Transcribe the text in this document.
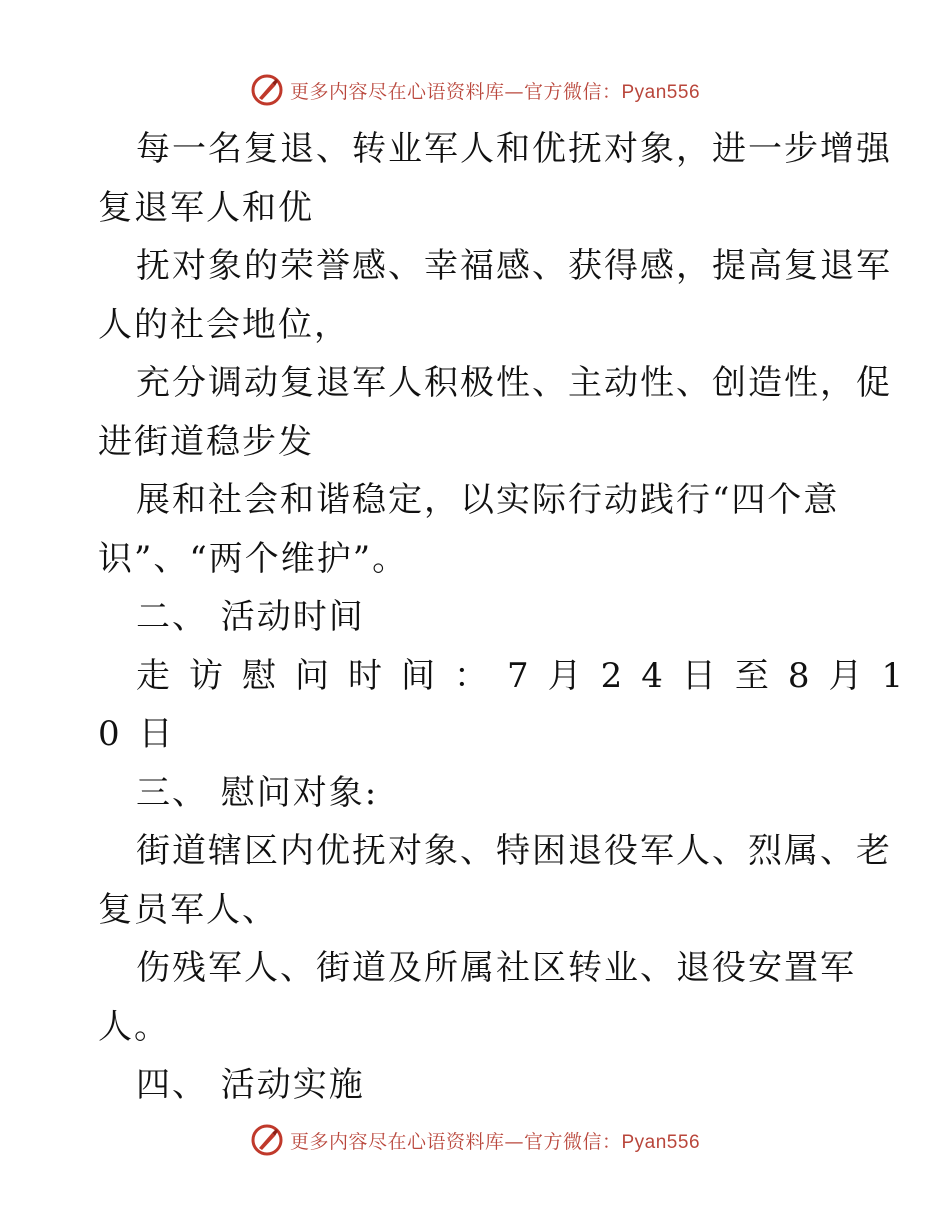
更多内容尽在心语资料库—官方微信：Pyan556
每一名复退、转业军人和优抚对象，进一步增强
复退军人和优
抚对象的荣誉感、幸福感、获得感，提高复退军
人的社会地位，
充分调动复退军人积极性、主动性、创造性，促
进街道稳步发
展和社会和谐稳定，以实际行动践行“四个意
识”、“两个维护”。
二、 活动时间
走访慰问时间：7月24日至8月1
0日
三、 慰问对象:
街道辖区内优抚对象、特困退役军人、烈属、老
复员军人、
伤残军人、街道及所属社区转业、退役安置军
人。
四、 活动实施
更多内容尽在心语资料库—官方微信：Pyan556
